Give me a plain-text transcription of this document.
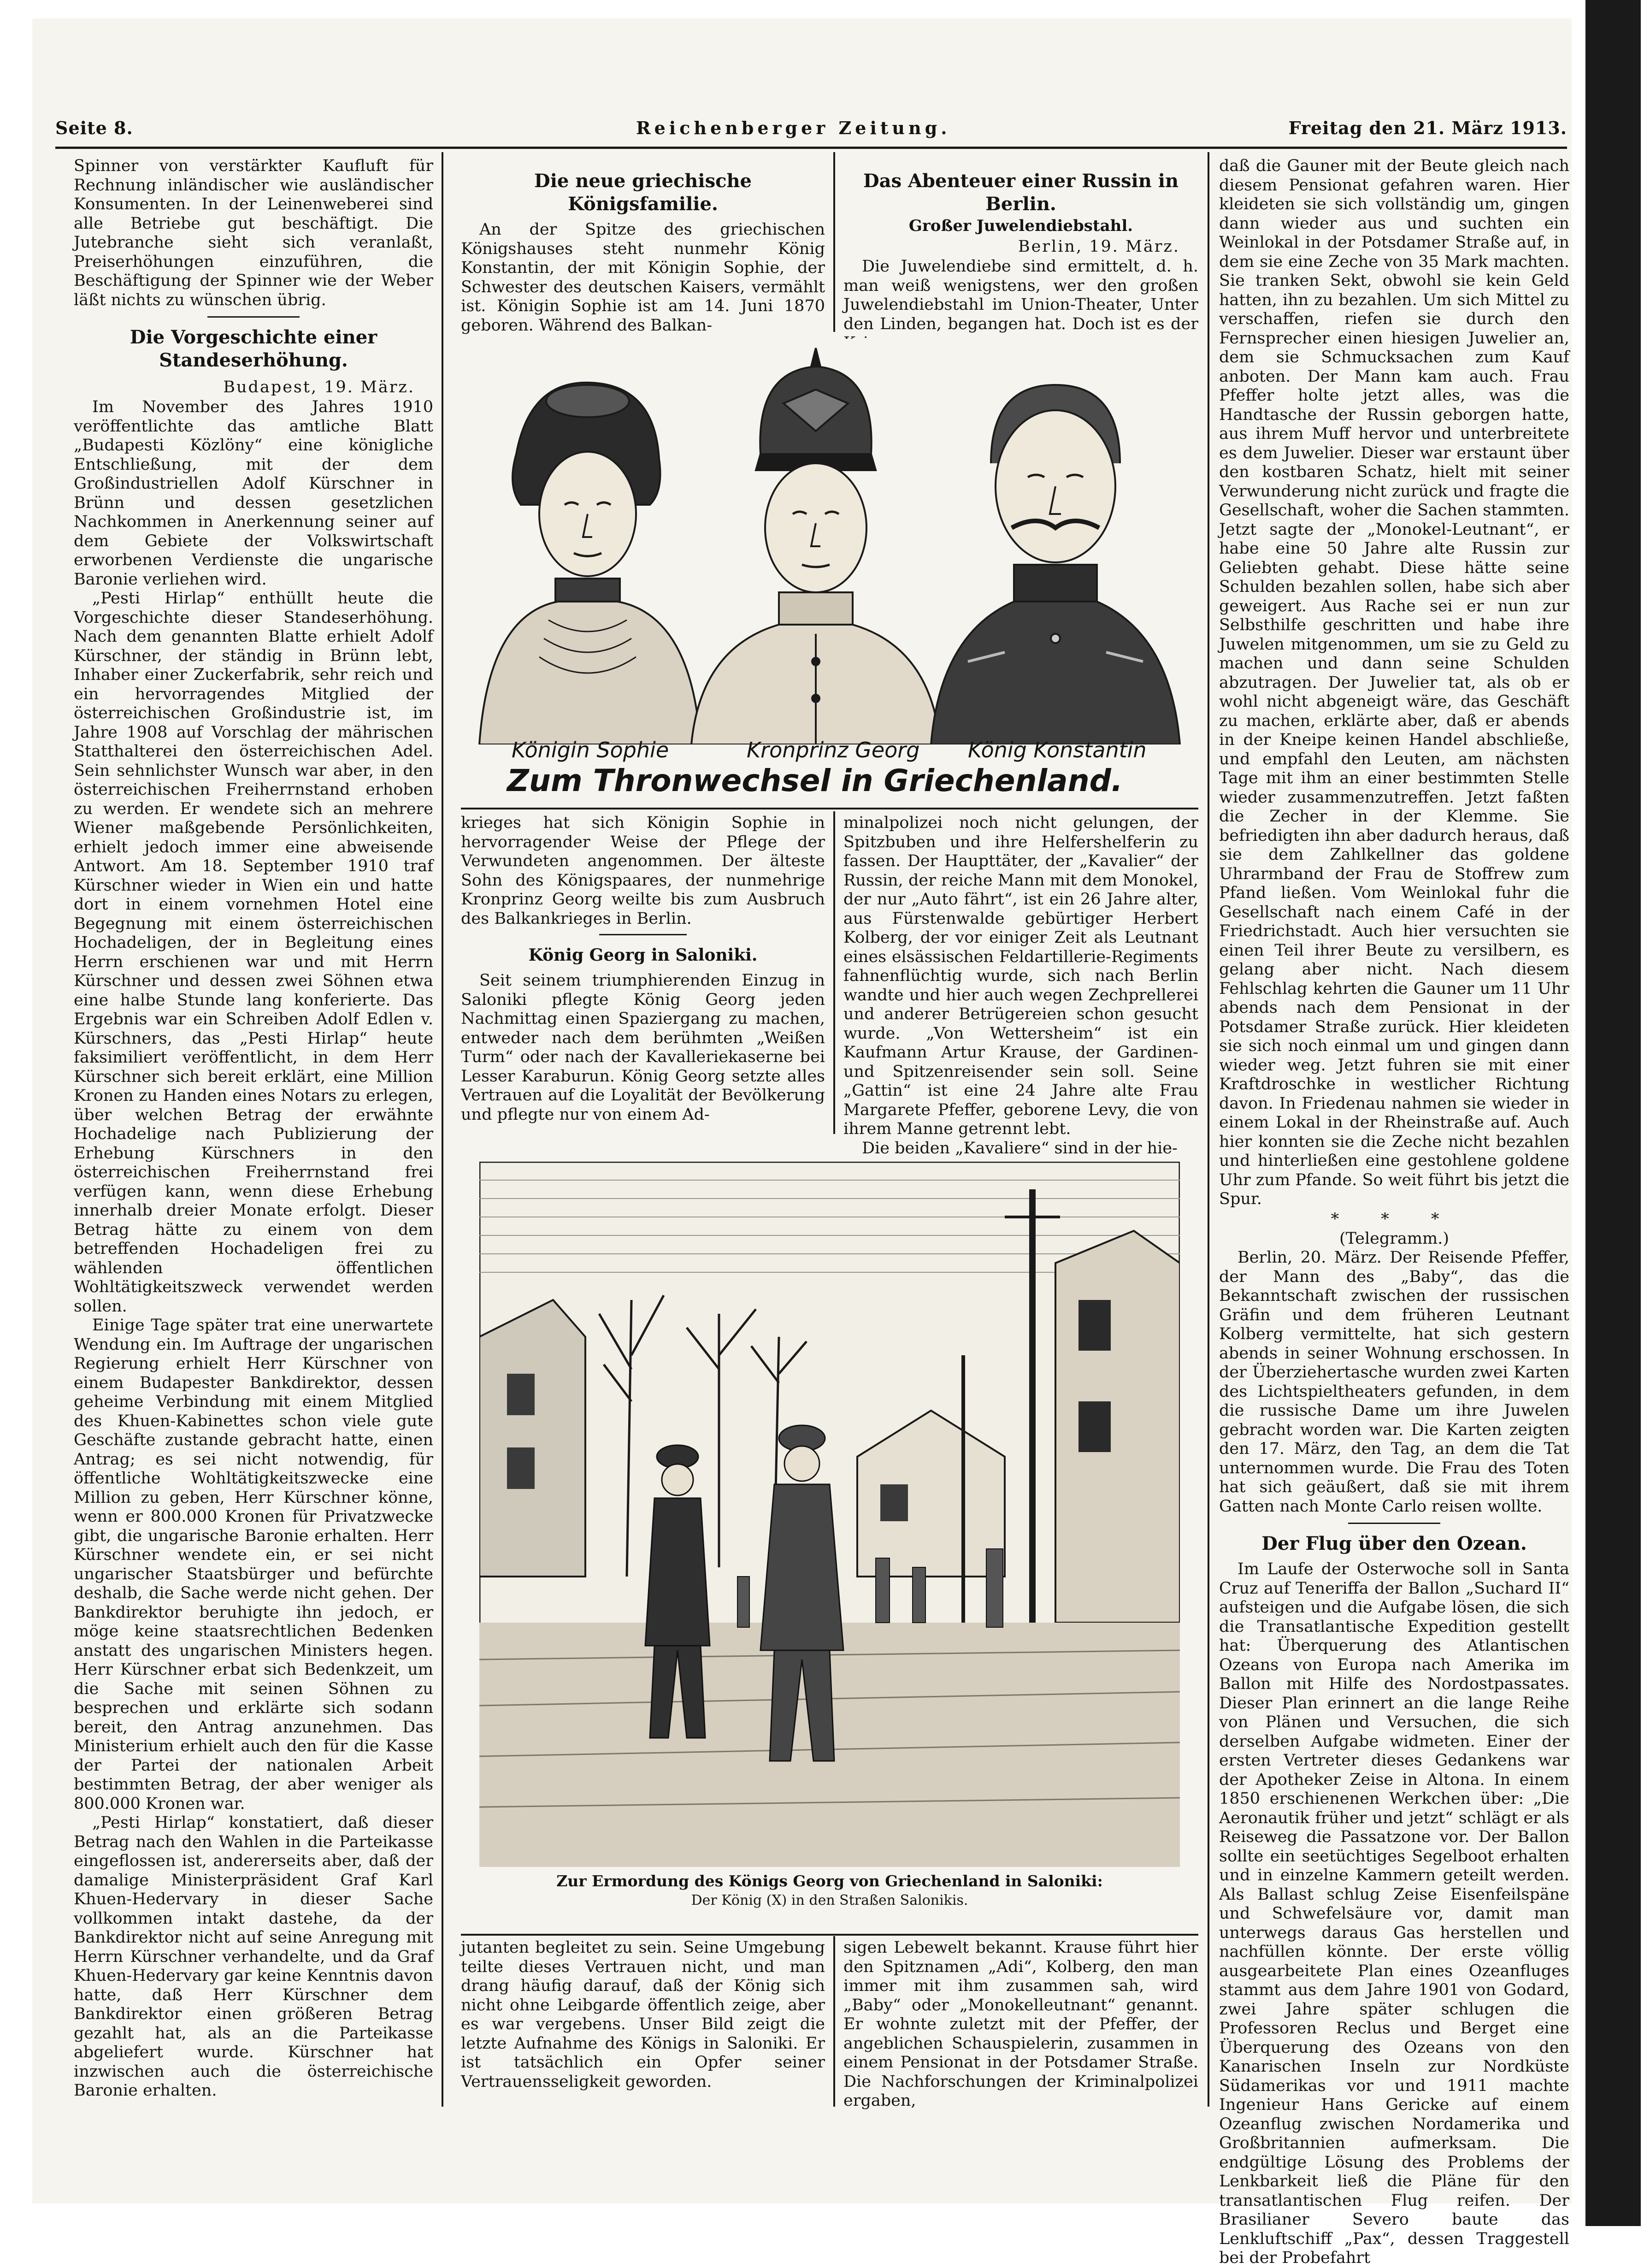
Seite 8.	Reichenberger Zeitung.	Freitag den 21. März 1913.

Spinner von verstärkter Kaufluft für Rechnung inländischer wie ausländischer Konsumenten. In der Leinenweberei sind alle Betriebe gut beschäftigt. Die Jutebranche sieht sich veranlaßt, Preiserhöhungen einzuführen, die Beschäftigung der Spinner wie der Weber läßt nichts zu wünschen übrig.

Die Vorgeschichte einer Standeserhöhung.
Budapest, 19. März.

Im November des Jahres 1910 veröffentlichte das amtliche Blatt „Budapesti Közlöny“ eine königliche Entschließung, mit der dem Großindustriellen Adolf Kürschner in Brünn und dessen gesetzlichen Nachkommen in Anerkennung seiner auf dem Gebiete der Volkswirtschaft erworbenen Verdienste die ungarische Baronie verliehen wird.

„Pesti Hirlap“ enthüllt heute die Vorgeschichte dieser Standeserhöhung. Nach dem genannten Blatte erhielt Adolf Kürschner, der ständig in Brünn lebt, Inhaber einer Zuckerfabrik, sehr reich und ein hervorragendes Mitglied der österreichischen Großindustrie ist, im Jahre 1908 auf Vorschlag der mährischen Statthalterei den österreichischen Adel. Sein sehnlichster Wunsch war aber, in den österreichischen Freiherrnstand erhoben zu werden. Er wendete sich an mehrere Wiener maßgebende Persönlichkeiten, erhielt jedoch immer eine abweisende Antwort. Am 18. September 1910 traf Kürschner wieder in Wien ein und hatte dort in einem vornehmen Hotel eine Begegnung mit einem österreichischen Hochadeligen, der in Begleitung eines Herrn erschienen war und mit Herrn Kürschner und dessen zwei Söhnen etwa eine halbe Stunde lang konferierte. Das Ergebnis war ein Schreiben Adolf Edlen v. Kürschners, das „Pesti Hirlap“ heute faksimiliert veröffentlicht, in dem Herr Kürschner sich bereit erklärt, eine Million Kronen zu Handen eines Notars zu erlegen, über welchen Betrag der erwähnte Hochadelige nach Publizierung der Erhebung Kürschners in den österreichischen Freiherrnstand frei verfügen kann, wenn diese Erhebung innerhalb dreier Monate erfolgt. Dieser Betrag hätte zu einem von dem betreffenden Hochadeligen frei zu wählenden öffentlichen Wohltätigkeitszweck verwendet werden sollen.

Einige Tage später trat eine unerwartete Wendung ein. Im Auftrage der ungarischen Regierung erhielt Herr Kürschner von einem Budapester Bankdirektor, dessen geheime Verbindung mit einem Mitglied des Khuen-Kabinettes schon viele gute Geschäfte zustande gebracht hatte, einen Antrag; es sei nicht notwendig, für öffentliche Wohltätigkeitszwecke eine Million zu geben, Herr Kürschner könne, wenn er 800.000 Kronen für Privatzwecke gibt, die ungarische Baronie erhalten. Herr Kürschner wendete ein, er sei nicht ungarischer Staatsbürger und befürchte deshalb, die Sache werde nicht gehen. Der Bankdirektor beruhigte ihn jedoch, er möge keine staatsrechtlichen Bedenken anstatt des ungarischen Ministers hegen. Herr Kürschner erbat sich Bedenkzeit, um die Sache mit seinen Söhnen zu besprechen und erklärte sich sodann bereit, den Antrag anzunehmen. Das Ministerium erhielt auch den für die Kasse der Partei der nationalen Arbeit bestimmten Betrag, der aber weniger als 800.000 Kronen war.

„Pesti Hirlap“ konstatiert, daß dieser Betrag nach den Wahlen in die Parteikasse eingeflossen ist, andererseits aber, daß der damalige Ministerpräsident Graf Karl Khuen-Hedervary in dieser Sache vollkommen intakt dastehe, da der Bankdirektor nicht auf seine Anregung mit Herrn Kürschner verhandelte, und da Graf Khuen-Hedervary gar keine Kenntnis davon hatte, daß Herr Kürschner dem Bankdirektor einen größeren Betrag gezahlt hat, als an die Parteikasse abgeliefert wurde. Kürschner hat inzwischen auch die österreichische Baronie erhalten.

Die neue griechische Königsfamilie.

An der Spitze des griechischen Königshauses steht nunmehr König Konstantin, der mit Königin Sophie, der Schwester des deutschen Kaisers, vermählt ist. Königin Sophie ist am 14. Juni 1870 geboren. Während des Balkan-

Das Abenteuer einer Russin in Berlin.
Großer Juwelendiebstahl.
Berlin, 19. März.

Die Juwelendiebe sind ermittelt, d. h. man weiß wenigstens, wer den großen Juwelendiebstahl im Union-Theater, Unter den Linden, begangen hat. Doch ist es der

Königin Sophie	Kronprinz Georg König Konstantin
Zum Thronwechsel in Griechenland.

krieges hat sich Königin Sophie in hervorragender Weise der Pflege der Verwundeten angenommen. Der älteste Sohn des Königspaares, der nunmehrige Kronprinz Georg weilte bis zum Ausbruch des Balkankrieges in Berlin.

König Georg in Saloniki.

Seit seinem triumphierenden Einzug in Saloniki pflegte König Georg jeden Nachmittag einen Spaziergang zu machen, entweder nach dem berühmten „Weißen Turm“ oder nach der Kavalleriekaserne bei Lesser Karaburun. König Georg setzte alles Vertrauen auf die Loyalität der Bevölkerung und pflegte nur von einem Ad-

minalpolizei noch nicht gelungen, der Spitzbuben und ihre Helfershelferin zu fassen. Der Haupttäter, der „Kavalier“ der Russin, der reiche Mann mit dem Monokel, der nur „Auto fährt“, ist ein 26 Jahre alter, aus Fürstenwalde gebürtiger Herbert Kolberg, der vor einiger Zeit als Leutnant eines elsässischen Feldartillerie-Regiments fahnenflüchtig wurde, sich nach Berlin wandte und hier auch wegen Zechprellerei und anderer Betrügereien schon gesucht wurde. „Von Wettersheim“ ist ein Kaufmann Artur Krause, der Gardinen- und Spitzenreisender sein soll. Seine „Gattin“ ist eine 24 Jahre alte Frau Margarete Pfeffer, geborene Levy, die von ihrem Manne getrennt lebt.

Die beiden „Kavaliere“ sind in der hie-

Zur Ermordung des Königs Georg von Griechenland in Saloniki:
Der König (X) in den Straßen Salonikis.

jutanten begleitet zu sein. Seine Umgebung teilte dieses Vertrauen nicht, und man drang häufig darauf, daß der König sich nicht ohne Leibgarde öffentlich zeige, aber es war vergebens. Unser Bild zeigt die letzte Aufnahme des Königs in Saloniki. Er ist tatsächlich ein Opfer seiner Vertrauensseligkeit geworden.

sigen Lebewelt bekannt. Krause führt hier den Spitznamen „Adi“, Kolberg, den man immer mit ihm zusammen sah, wird „Baby“ oder „Monokelleutnant“ genannt. Er wohnte zuletzt mit der Pfeffer, der angeblichen Schauspielerin, zusammen in einem Pensionat in der Potsdamer Straße. Die Nachforschungen der Kriminalpolizei ergaben,

daß die Gauner mit der Beute gleich nach diesem Pensionat gefahren waren. Hier kleideten sie sich vollständig um, gingen dann wieder aus und suchten ein Weinlokal in der Potsdamer Straße auf, in dem sie eine Zeche von 35 Mark machten. Sie tranken Sekt, obwohl sie kein Geld hatten, ihn zu bezahlen. Um sich Mittel zu verschaffen, riefen sie durch den Fernsprecher einen hiesigen Juwelier an, dem sie Schmucksachen zum Kauf anboten. Der Mann kam auch. Frau Pfeffer holte jetzt alles, was die Handtasche der Russin geborgen hatte, aus ihrem Muff hervor und unterbreitete es dem Juwelier. Dieser war erstaunt über den kostbaren Schatz, hielt mit seiner Verwunderung nicht zurück und fragte die Gesellschaft, woher die Sachen stammten. Jetzt sagte der „Monokel-Leutnant“, er habe eine 50 Jahre alte Russin zur Geliebten gehabt. Diese hätte seine Schulden bezahlen sollen, habe sich aber geweigert. Aus Rache sei er nun zur Selbsthilfe geschritten und habe ihre Juwelen mitgenommen, um sie zu Geld zu machen und dann seine Schulden abzutragen. Der Juwelier tat, als ob er wohl nicht abgeneigt wäre, das Geschäft zu machen, erklärte aber, daß er abends in der Kneipe keinen Handel abschließe, und empfahl den Leuten, am nächsten Tage mit ihm an einer bestimmten Stelle wieder zusammenzutreffen. Jetzt faßten die Zecher in der Klemme. Sie befriedigten ihn aber dadurch heraus, daß sie dem Zahlkellner das goldene Uhrarmband der Frau de Stoffrew zum Pfand ließen. Vom Weinlokal fuhr die Gesellschaft nach einem Café in der Friedrichstadt. Auch hier versuchten sie einen Teil ihrer Beute zu versilbern, es gelang aber nicht. Nach diesem Fehlschlag kehrten die Gauner um 11 Uhr abends nach dem Pensionat in der Potsdamer Straße zurück. Hier kleideten sie sich noch einmal um und gingen dann wieder weg. Jetzt fuhren sie mit einer Kraftdroschke in westlicher Richtung davon. In Friedenau nahmen sie wieder in einem Lokal in der Rheinstraße auf. Auch hier konnten sie die Zeche nicht bezahlen und hinterließen eine gestohlene goldene Uhr zum Pfande. So weit führt bis jetzt die Spur.

* * *
(Telegramm.)

Berlin, 20. März. Der Reisende Pfeffer, der Mann des „Baby“, das die Bekanntschaft zwischen der russischen Gräfin und dem früheren Leutnant Kolberg vermittelte, hat sich gestern abends in seiner Wohnung erschossen. In der Überziehertasche wurden zwei Karten des Lichtspieltheaters gefunden, in dem die russische Dame um ihre Juwelen gebracht worden war. Die Karten zeigten den 17. März, den Tag, an dem die Tat unternommen wurde. Die Frau des Toten hat sich geäußert, daß sie mit ihrem Gatten nach Monte Carlo reisen wollte.

Der Flug über den Ozean.

Im Laufe der Osterwoche soll in Santa Cruz auf Teneriffa der Ballon „Suchard II“ aufsteigen und die Aufgabe lösen, die sich die Transatlantische Expedition gestellt hat: Überquerung des Atlantischen Ozeans von Europa nach Amerika im Ballon mit Hilfe des Nordostpassates. Dieser Plan erinnert an die lange Reihe von Plänen und Versuchen, die sich derselben Aufgabe widmeten. Einer der ersten Vertreter dieses Gedankens war der Apotheker Zeise in Altona. In einem 1850 erschienenen Werkchen über: „Die Aeronautik früher und jetzt“ schlägt er als Reiseweg die Passatzone vor. Der Ballon sollte ein seetüchtiges Segelboot erhalten und in einzelne Kammern geteilt werden. Als Ballast schlug Zeise Eisenfeilspäne und Schwefelsäure vor, damit man unterwegs daraus Gas herstellen und nachfüllen könnte. Der erste völlig ausgearbeitete Plan eines Ozeanfluges stammt aus dem Jahre 1901 von Godard, zwei Jahre später schlugen die Professoren Reclus und Berget eine Überquerung des Ozeans von den Kanarischen Inseln zur Nordküste Südamerikas vor und 1911 machte Ingenieur Hans Gericke auf einem Ozeanflug zwischen Nordamerika und Großbritannien aufmerksam. Die endgültige Lösung des Problems der Lenkbarkeit ließ die Pläne für den transatlantischen Flug reifen. Der Brasilianer Severo baute das Lenkluftschiff „Pax“, dessen Traggestell bei der Probefahrt
